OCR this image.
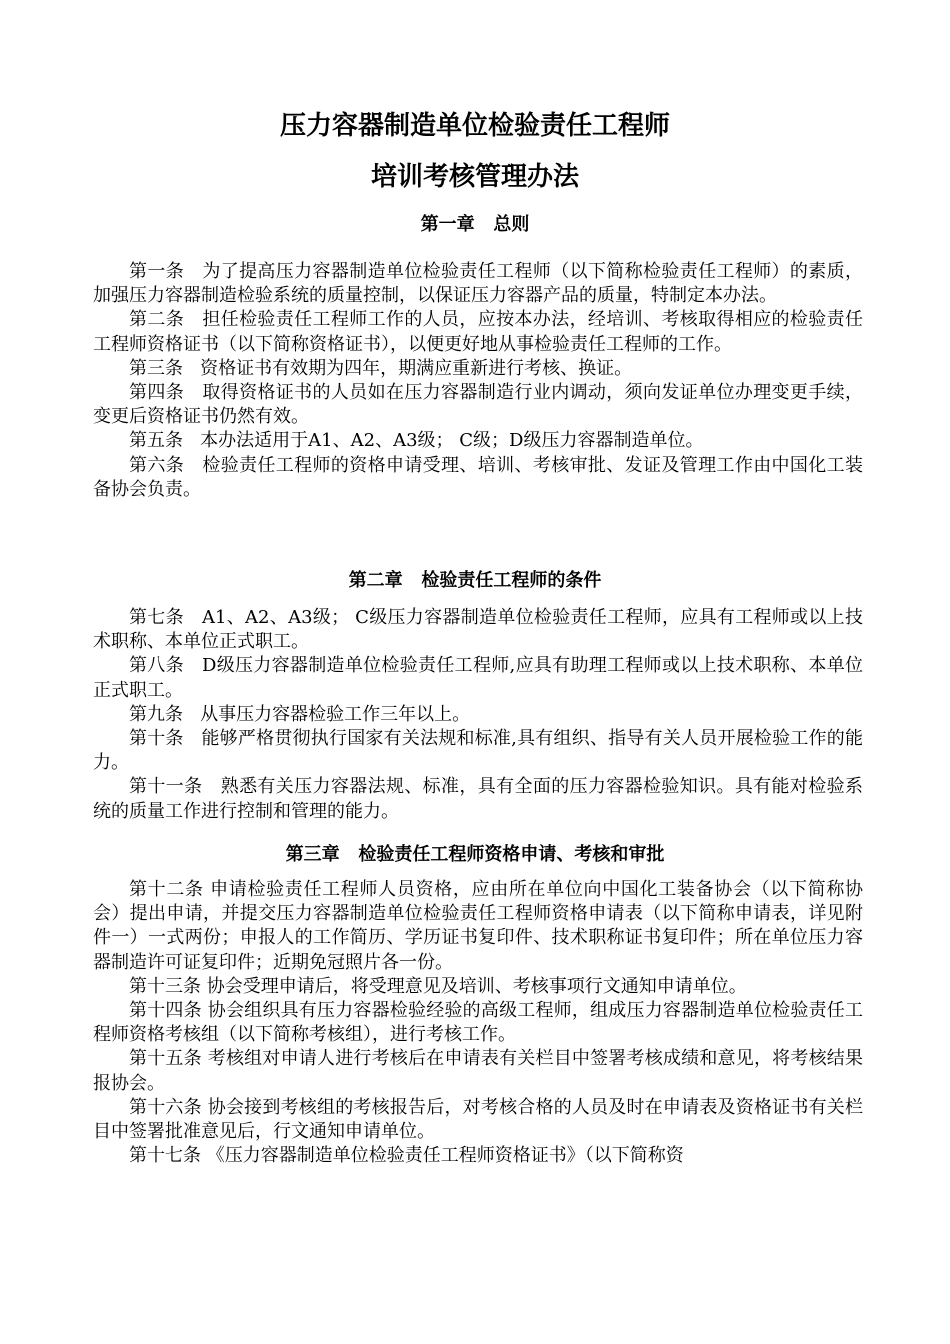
压力容器制造单位检验责任工程师
培训考核管理办法
第一章   总则

第一条   为了提高压力容器制造单位检验责任工程师（以下简称检验责任工程师）的素质，加强压力容器制造检验系统的质量控制，以保证压力容器产品的质量，特制定本办法。

第二条   担任检验责任工程师工作的人员，应按本办法，经培训、考核取得相应的检验责任工程师资格证书（以下简称资格证书），以便更好地从事检验责任工程师的工作。

第三条   资格证书有效期为四年，期满应重新进行考核、换证。

第四条   取得资格证书的人员如在压力容器制造行业内调动，须向发证单位办理变更手续，变更后资格证书仍然有效。

第五条   本办法适用于A1、A2、A3级； C级；D级压力容器制造单位。

第六条   检验责任工程师的资格申请受理、培训、考核审批、发证及管理工作由中国化工装备协会负责。

第二章   检验责任工程师的条件

第七条   A1、A2、A3级； C级压力容器制造单位检验责任工程师，应具有工程师或以上技术职称、本单位正式职工。

第八条   D级压力容器制造单位检验责任工程师,应具有助理工程师或以上技术职称、本单位正式职工。

第九条   从事压力容器检验工作三年以上。

第十条   能够严格贯彻执行国家有关法规和标准,具有组织、指导有关人员开展检验工作的能力。

第十一条   熟悉有关压力容器法规、标准，具有全面的压力容器检验知识。具有能对检验系统的质量工作进行控制和管理的能力。

第三章   检验责任工程师资格申请、考核和审批

第十二条 申请检验责任工程师人员资格，应由所在单位向中国化工装备协会（以下简称协会）提出申请，并提交压力容器制造单位检验责任工程师资格申请表（以下简称申请表，详见附件一）一式两份；申报人的工作简历、学历证书复印件、技术职称证书复印件；所在单位压力容器制造许可证复印件；近期免冠照片各一份。

第十三条 协会受理申请后，将受理意见及培训、考核事项行文通知申请单位。

第十四条 协会组织具有压力容器检验经验的高级工程师，组成压力容器制造单位检验责任工程师资格考核组（以下简称考核组），进行考核工作。

第十五条 考核组对申请人进行考核后在申请表有关栏目中签署考核成绩和意见，将考核结果报协会。

第十六条 协会接到考核组的考核报告后，对考核合格的人员及时在申请表及资格证书有关栏目中签署批准意见后，行文通知申请单位。

第十七条 《压力容器制造单位检验责任工程师资格证书》（以下简称资
